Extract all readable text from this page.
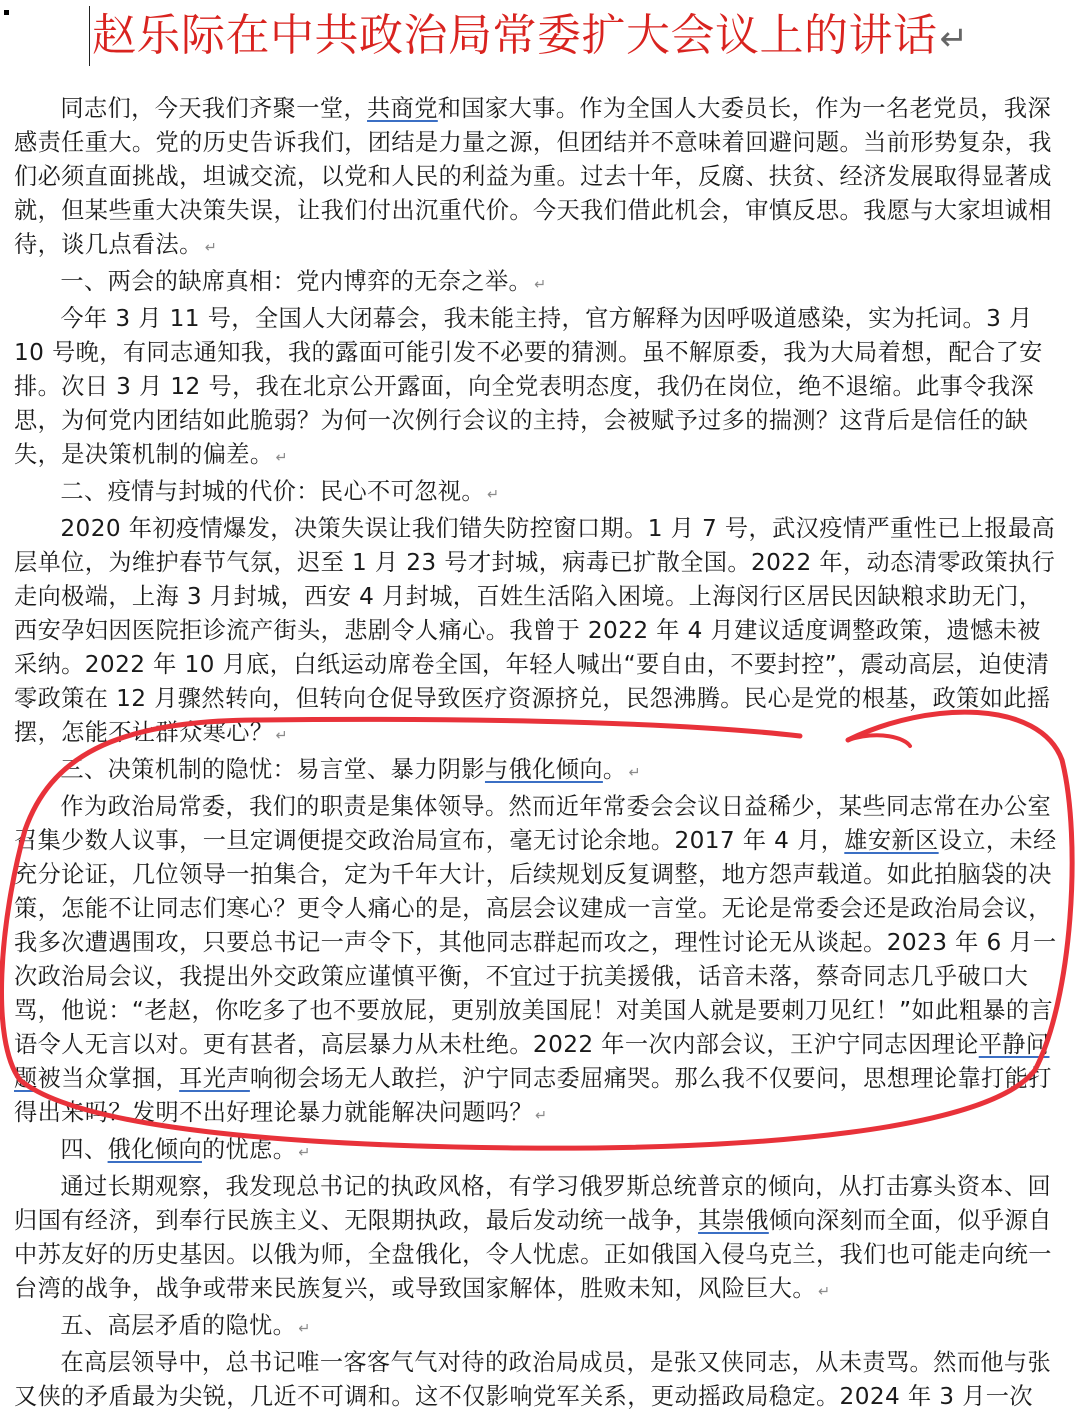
赵乐际在中共政治局常委扩大会议上的讲话↵

同志们，今天我们齐聚一堂，共商党和国家大事。作为全国人大委员长，作为一名老党员，我深感责任重大。党的历史告诉我们，团结是力量之源，但团结并不意味着回避问题。当前形势复杂，我们必须直面挑战，坦诚交流，以党和人民的利益为重。过去十年，反腐、扶贫、经济发展取得显著成就，但某些重大决策失误，让我们付出沉重代价。今天我们借此机会，审慎反思。我愿与大家坦诚相待，谈几点看法。 ↵

一、两会的缺席真相：党内博弈的无奈之举。 ↵

今年 3 月 11 号，全国人大闭幕会，我未能主持，官方解释为因呼吸道感染，实为托词。3 月 10 号晚，有同志通知我，我的露面可能引发不必要的猜测。虽不解原委，我为大局着想，配合了安排。次日 3 月 12 号，我在北京公开露面，向全党表明态度，我仍在岗位，绝不退缩。此事令我深思，为何党内团结如此脆弱？为何一次例行会议的主持，会被赋予过多的揣测？这背后是信任的缺失，是决策机制的偏差。 ↵

二、疫情与封城的代价：民心不可忽视。 ↵

2020 年初疫情爆发，决策失误让我们错失防控窗口期。1 月 7 号，武汉疫情严重性已上报最高层单位，为维护春节气氛，迟至 1 月 23 号才封城，病毒已扩散全国。2022 年，动态清零政策执行走向极端，上海 3 月封城，西安 4 月封城，百姓生活陷入困境。上海闵行区居民因缺粮求助无门，西安孕妇因医院拒诊流产街头，悲剧令人痛心。我曾于 2022 年 4 月建议适度调整政策，遗憾未被采纳。2022 年 10 月底，白纸运动席卷全国，年轻人喊出“要自由，不要封控”，震动高层，迫使清零政策在 12 月骤然转向，但转向仓促导致医疗资源挤兑，民怨沸腾。民心是党的根基，政策如此摇摆，怎能不让群众寒心？ ↵

三、决策机制的隐忧：易言堂、暴力阴影与俄化倾向。 ↵

作为政治局常委，我们的职责是集体领导。然而近年常委会会议日益稀少，某些同志常在办公室召集少数人议事，一旦定调便提交政治局宣布，毫无讨论余地。2017 年 4 月，雄安新区设立，未经充分论证，几位领导一拍集合，定为千年大计，后续规划反复调整，地方怨声载道。如此拍脑袋的决策，怎能不让同志们寒心？更令人痛心的是，高层会议建成一言堂。无论是常委会还是政治局会议，我多次遭遇围攻，只要总书记一声令下，其他同志群起而攻之，理性讨论无从谈起。2023 年 6 月一次政治局会议，我提出外交政策应谨慎平衡，不宜过于抗美援俄，话音未落，蔡奇同志几乎破口大骂，他说：“老赵，你吃多了也不要放屁，更别放美国屁！对美国人就是要刺刀见红！”如此粗暴的言语令人无言以对。更有甚者，高层暴力从未杜绝。2022 年一次内部会议，王沪宁同志因理论平静问题被当众掌掴，耳光声响彻会场无人敢拦，沪宁同志委屈痛哭。那么我不仅要问，思想理论靠打能打得出来吗？发明不出好理论暴力就能解决问题吗？ ↵

四、俄化倾向的忧虑。 ↵

通过长期观察，我发现总书记的执政风格，有学习俄罗斯总统普京的倾向，从打击寡头资本、回归国有经济，到奉行民族主义、无限期执政，最后发动统一战争，其崇俄倾向深刻而全面，似乎源自中苏友好的历史基因。以俄为师，全盘俄化，令人忧虑。正如俄国入侵乌克兰，我们也可能走向统一台湾的战争，战争或带来民族复兴，或导致国家解体，胜败未知，风险巨大。 ↵

五、高层矛盾的隐忧。 ↵

在高层领导中，总书记唯一客客气气对待的政治局成员，是张又侠同志，从未责骂。然而他与张又侠的矛盾最为尖锐，几近不可调和。这不仅影响党军关系，更动摇政局稳定。2024 年 3 月一次
